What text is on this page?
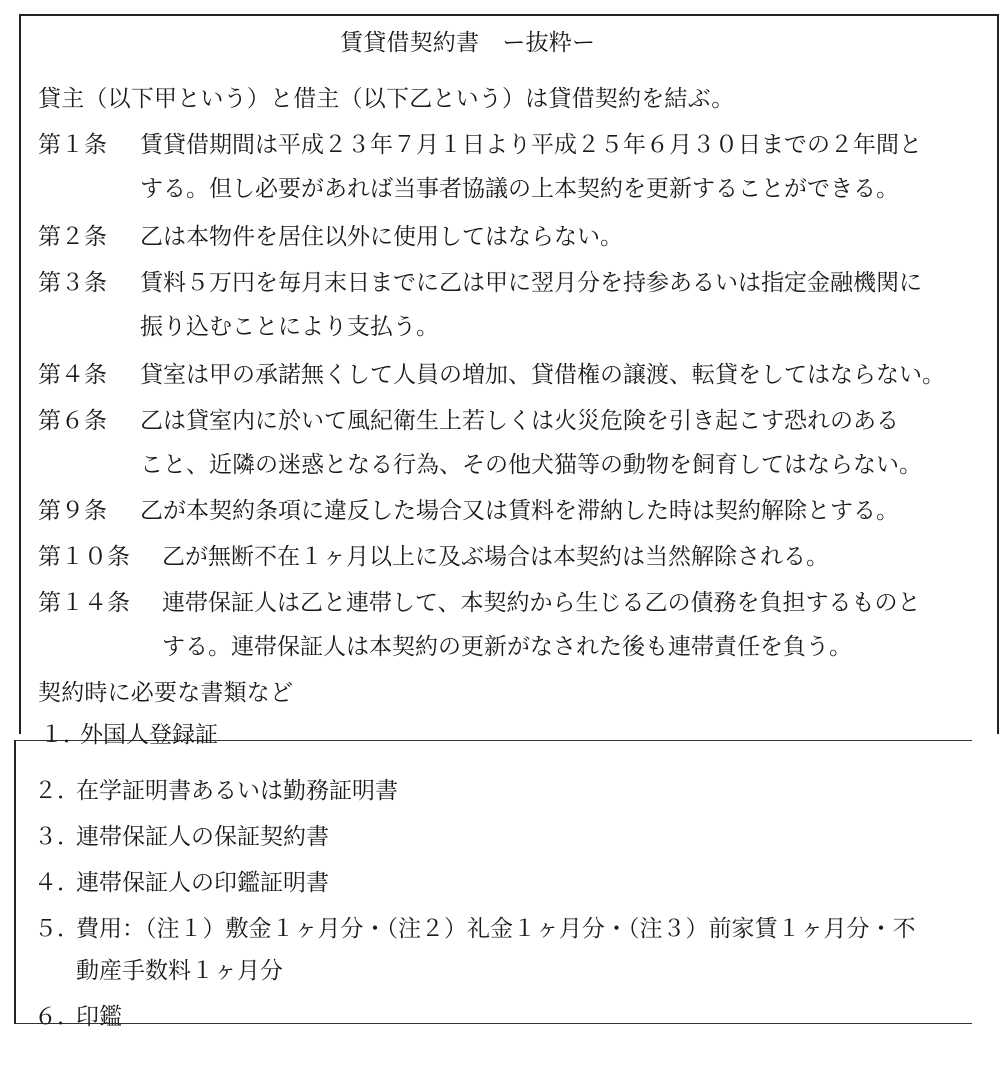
賃貸借契約書　ー抜粋ー
貸主（以下甲という）と借主（以下乙という）は貸借契約を結ぶ。
第１条 賃貸借期間は平成２３年７月１日より平成２５年６月３０日までの２年間と
する。但し必要があれば当事者協議の上本契約を更新することができる。
第２条 乙は本物件を居住以外に使用してはならない。
第３条 賃料５万円を毎月末日までに乙は甲に翌月分を持参あるいは指定金融機関に
振り込むことにより支払う。
第４条 貸室は甲の承諾無くして人員の増加、貸借権の譲渡、転貸をしてはならない。
第６条 乙は貸室内に於いて風紀衛生上若しくは火災危険を引き起こす恐れのある
こと、近隣の迷惑となる行為、その他犬猫等の動物を飼育してはならない。
第９条 乙が本契約条項に違反した場合又は賃料を滞納した時は契約解除とする。
第１０条 乙が無断不在１ヶ月以上に及ぶ場合は本契約は当然解除される。
第１４条 連帯保証人は乙と連帯して、本契約から生じる乙の債務を負担するものと
する。連帯保証人は本契約の更新がなされた後も連帯責任を負う。
契約時に必要な書類など
１．
外国人登録証
２．
在学証明書あるいは勤務証明書
３．
連帯保証人の保証契約書
４．
連帯保証人の印鑑証明書
５．
費用：（注１）敷金１ヶ月分・（注２）礼金１ヶ月分・（注３）前家賃１ヶ月分・不
動産手数料１ヶ月分
６．
印鑑
